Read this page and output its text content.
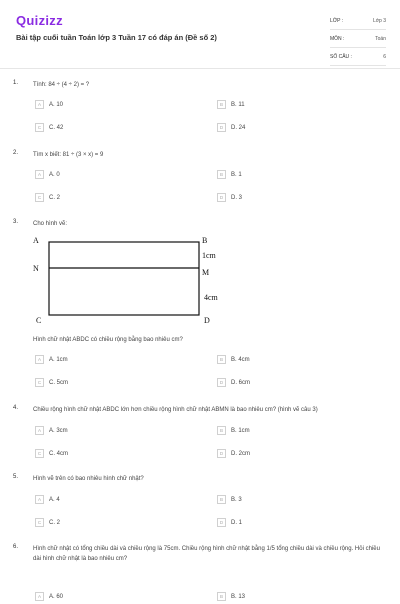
Quizizz
Bài tập cuối tuần Toán lớp 3 Tuần 17 có đáp án (Đề số 2)
LỚP :	Lớp 3
MÔN :	Toán
SỐ CÂU :	6
1. Tính: 84 ÷ (4 ÷ 2) = ?
A	A. 10	B	B. 11
C	C. 42	D	D. 24
2. Tìm x biết: 81 ÷ (3 × x) = 9
A	A. 0	B	B. 1
C	C. 2	D	D. 3
3. Cho hình vẽ:
A	B
1cm
N	M
4cm
C	D
Hình chữ nhật ABDC có chiều rộng bằng bao nhiêu cm?
A	A. 1cm	B	B. 4cm
C	C. 5cm	D	D. 6cm
4. Chiều rộng hình chữ nhật ABDC lớn hơn chiều rộng hình chữ nhật ABMN là bao nhiêu cm? (hình vẽ câu 3)
A	A. 3cm	B	B. 1cm
C	C. 4cm	D	D. 2cm
5. Hình vẽ trên có bao nhiêu hình chữ nhật?
A	A. 4	B	B. 3
C	C. 2	D	D. 1
6. Hình chữ nhật có tổng chiều dài và chiều rộng là 75cm. Chiều rộng hình chữ nhật bằng 1/5 tổng chiều dài và chiều rộng. Hỏi chiều dài hình chữ nhật là bao nhiêu cm?
A	A. 60	B	B. 13
